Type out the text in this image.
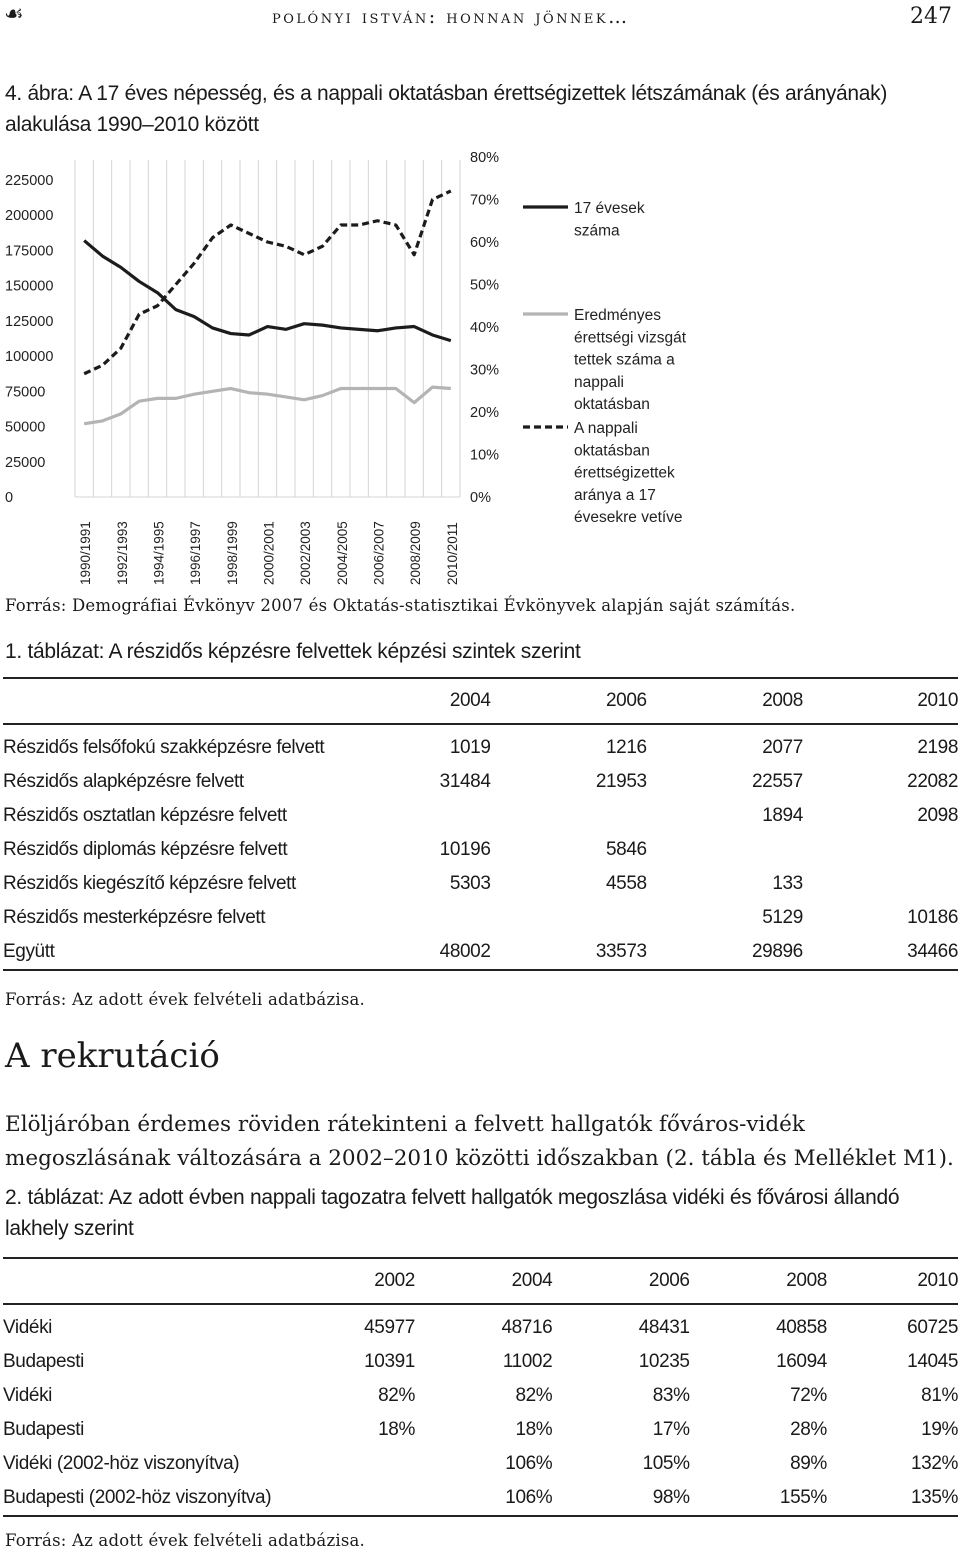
☙	polónyi istván: honnan jönnek…	247
4. ábra: A 17 éves népesség, és a nappali oktatásban érettségizettek létszámának (és arányának) alakulása 1990–2010 között
225000
200000
175000
150000
125000
100000
75000
50000
25000
0
80%
70%
60%
50%
40%
30%
20%
10%
0%
1990/1991 1992/1993 1994/1995 1996/1997 1998/1999 2000/2001 2002/2003 2004/2005 2006/2007 2008/2009 2010/2011
17 évesek
száma
Eredményes
érettségi vizsgát
tettek száma a
nappali
oktatásban
A nappali
oktatásban
érettségizettek
aránya a 17
évesekre vetíve
Forrás: Demográfiai Évkönyv 2007 és Oktatás-statisztikai Évkönyvek alapján saját számítás.
1. táblázat: A részidős képzésre felvettek képzési szintek szerint
	2004	2006	2008	2010
Részidős felsőfokú szakképzésre felvett	1019	1216	2077	2198
Részidős alapképzésre felvett	31484	21953	22557	22082
Részidős osztatlan képzésre felvett			1894	2098
Részidős diplomás képzésre felvett	10196	5846		
Részidős kiegészítő képzésre felvett	5303	4558	133	
Részidős mesterképzésre felvett			5129	10186
Együtt	48002	33573	29896	34466
Forrás: Az adott évek felvételi adatbázisa.
A rekrutáció
Elöljáróban érdemes röviden rátekinteni a felvett hallgatók főváros-vidék megoszlásának változására a 2002–2010 közötti időszakban (2. tábla és Melléklet M1).
2. táblázat: Az adott évben nappali tagozatra felvett hallgatók megoszlása vidéki és fővárosi állandó lakhely szerint
	2002	2004	2006	2008	2010
Vidéki	45977	48716	48431	40858	60725
Budapesti	10391	11002	10235	16094	14045
Vidéki	82%	82%	83%	72%	81%
Budapesti	18%	18%	17%	28%	19%
Vidéki (2002-höz viszonyítva)		106%	105%	89%	132%
Budapesti (2002-höz viszonyítva)		106%	98%	155%	135%
Forrás: Az adott évek felvételi adatbázisa.
